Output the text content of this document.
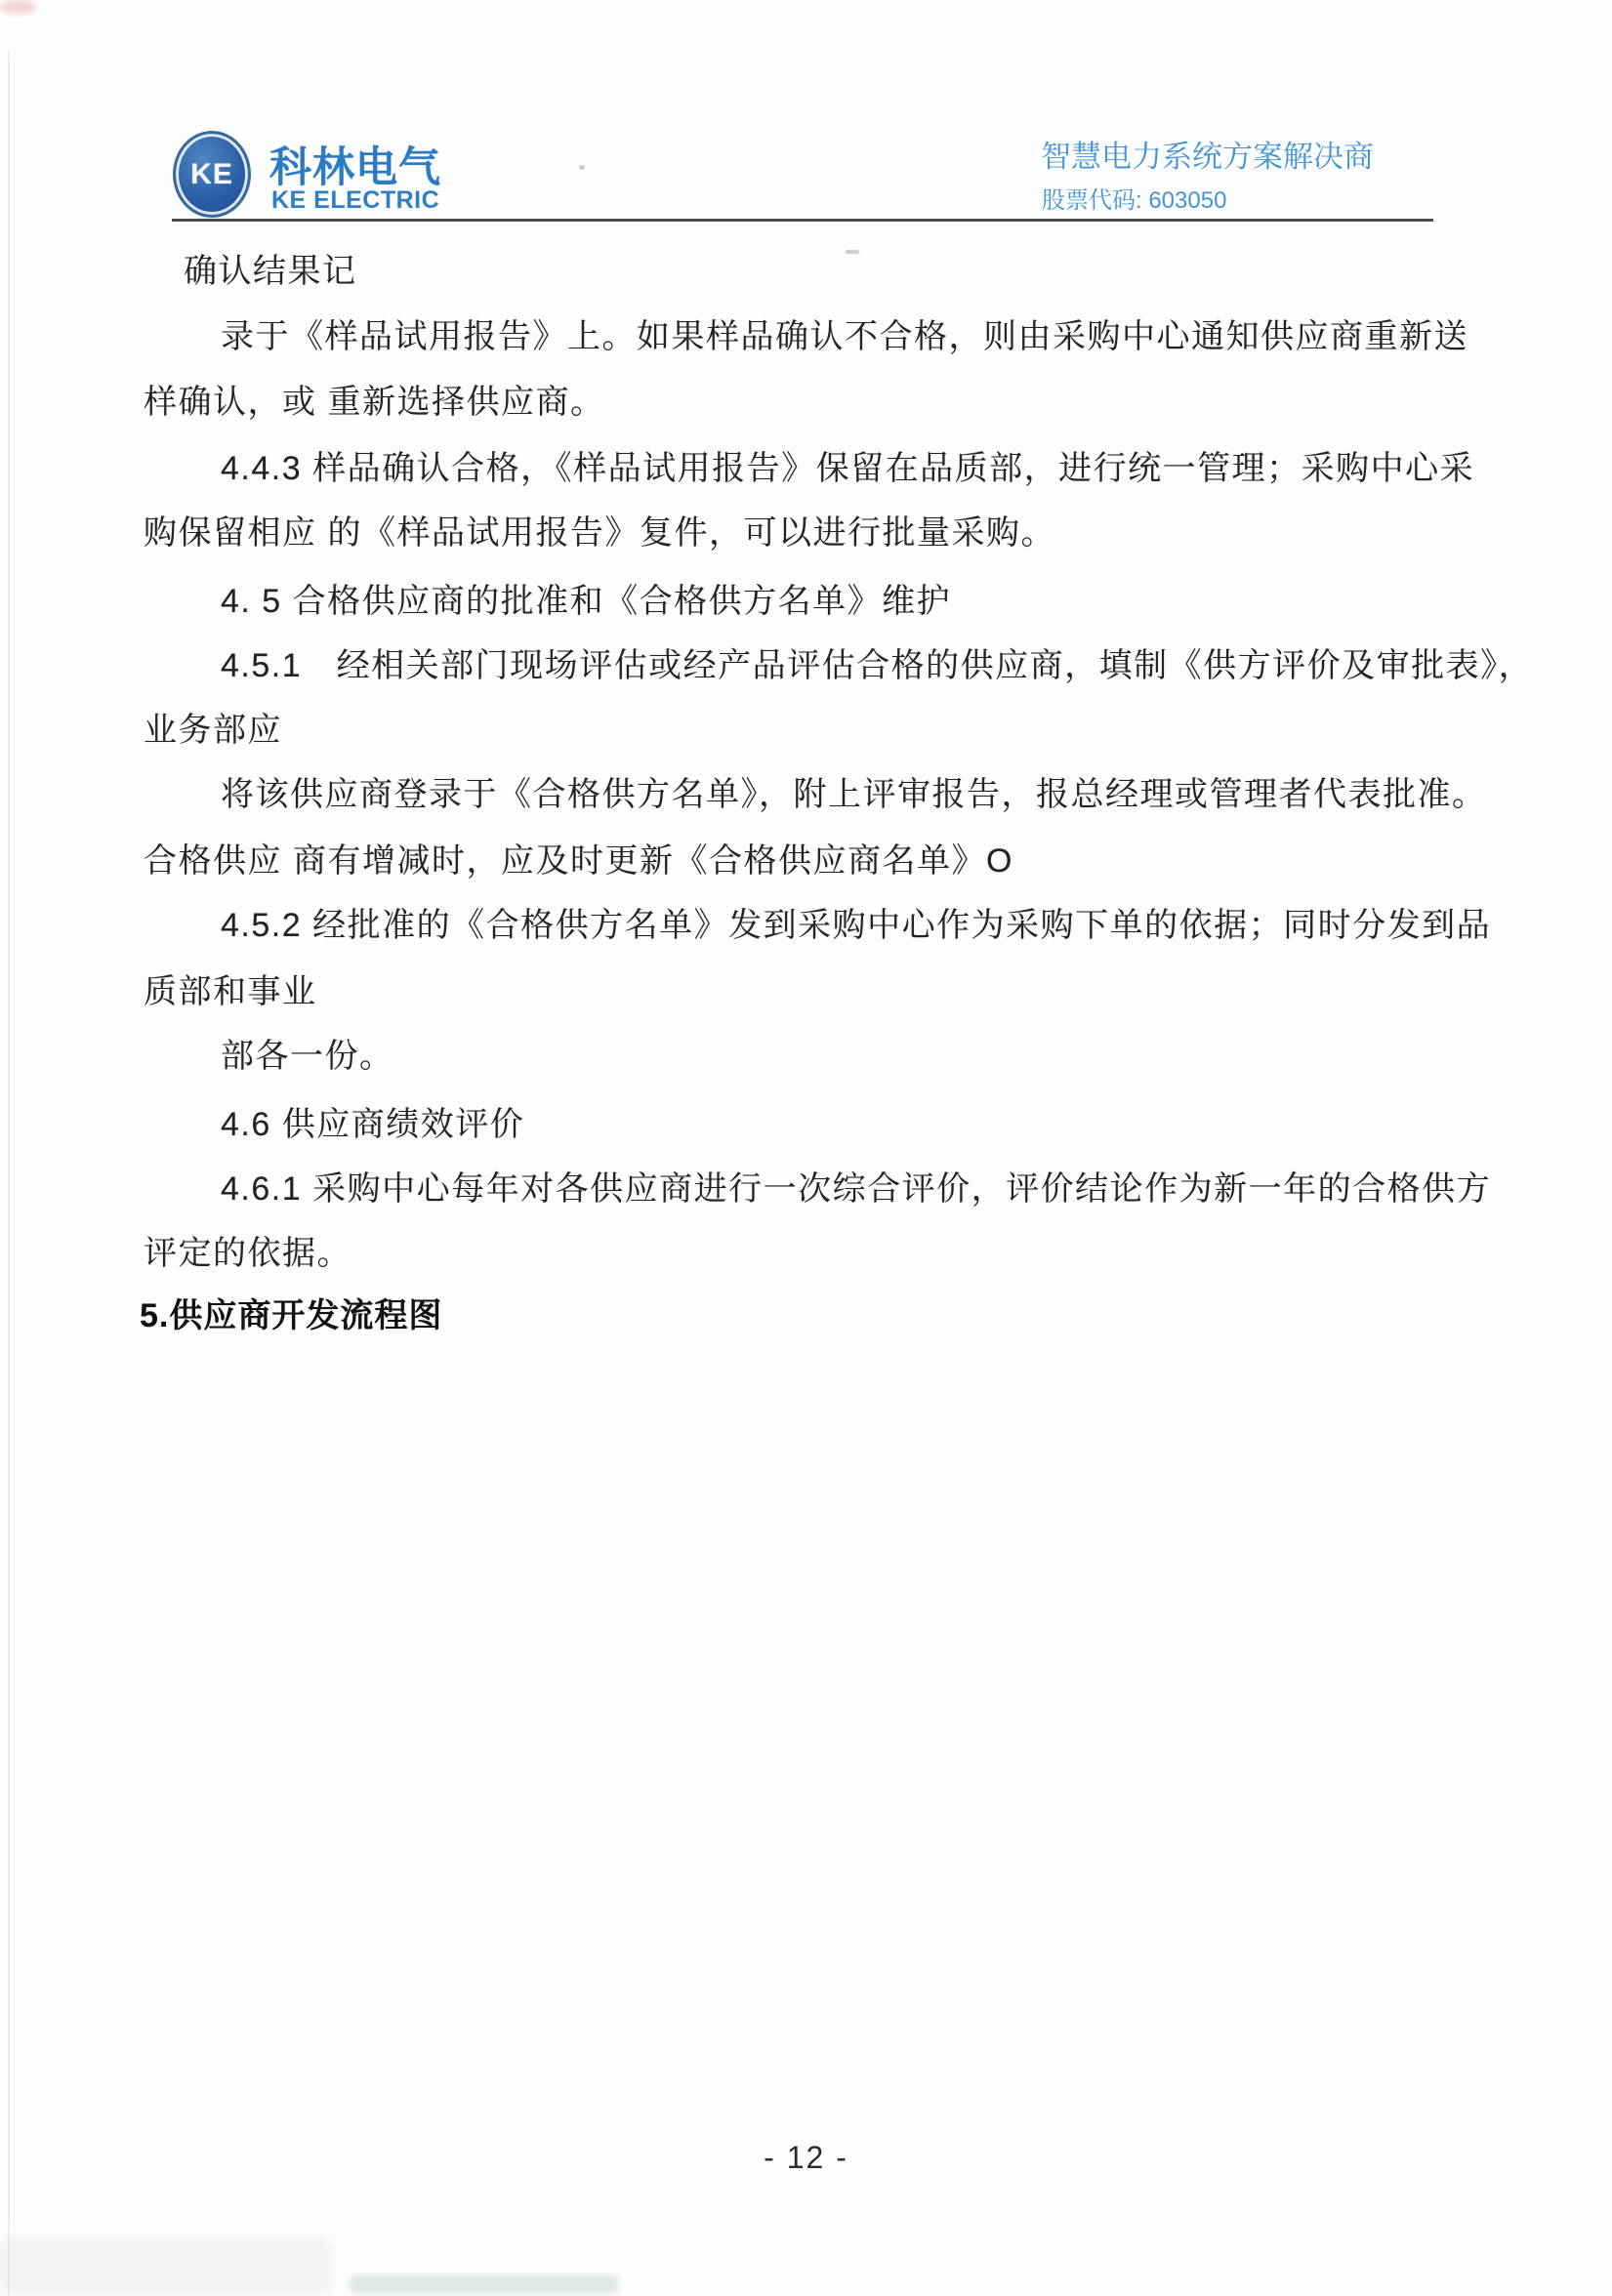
KE 科林电气
KE ELECTRIC
智慧电力系统方案解决商
股票代码: 603050
确认结果记
录于《样品试用报告》上。如果样品确认不合格，则由采购中心通知供应商重新送
样确认，或 重新选择供应商。
4.4.3 样品确认合格，《样品试用报告》保留在品质部，进行统一管理；采购中心采
购保留相应 的《样品试用报告》复件，可以进行批量采购。
4. 5 合格供应商的批准和《合格供方名单》维护
4.5.1　经相关部门现场评估或经产品评估合格的供应商，填制《供方评价及审批表》，
业务部应
将该供应商登录于《合格供方名单》，附上评审报告，报总经理或管理者代表批准。
合格供应 商有增减时，应及时更新《合格供应商名单》O
4.5.2 经批准的《合格供方名单》发到采购中心作为采购下单的依据；同时分发到品
质部和事业
部各一份。
4.6 供应商绩效评价
4.6.1 采购中心每年对各供应商进行一次综合评价，评价结论作为新一年的合格供方
评定的依据。
5.供应商开发流程图
- 12 -
